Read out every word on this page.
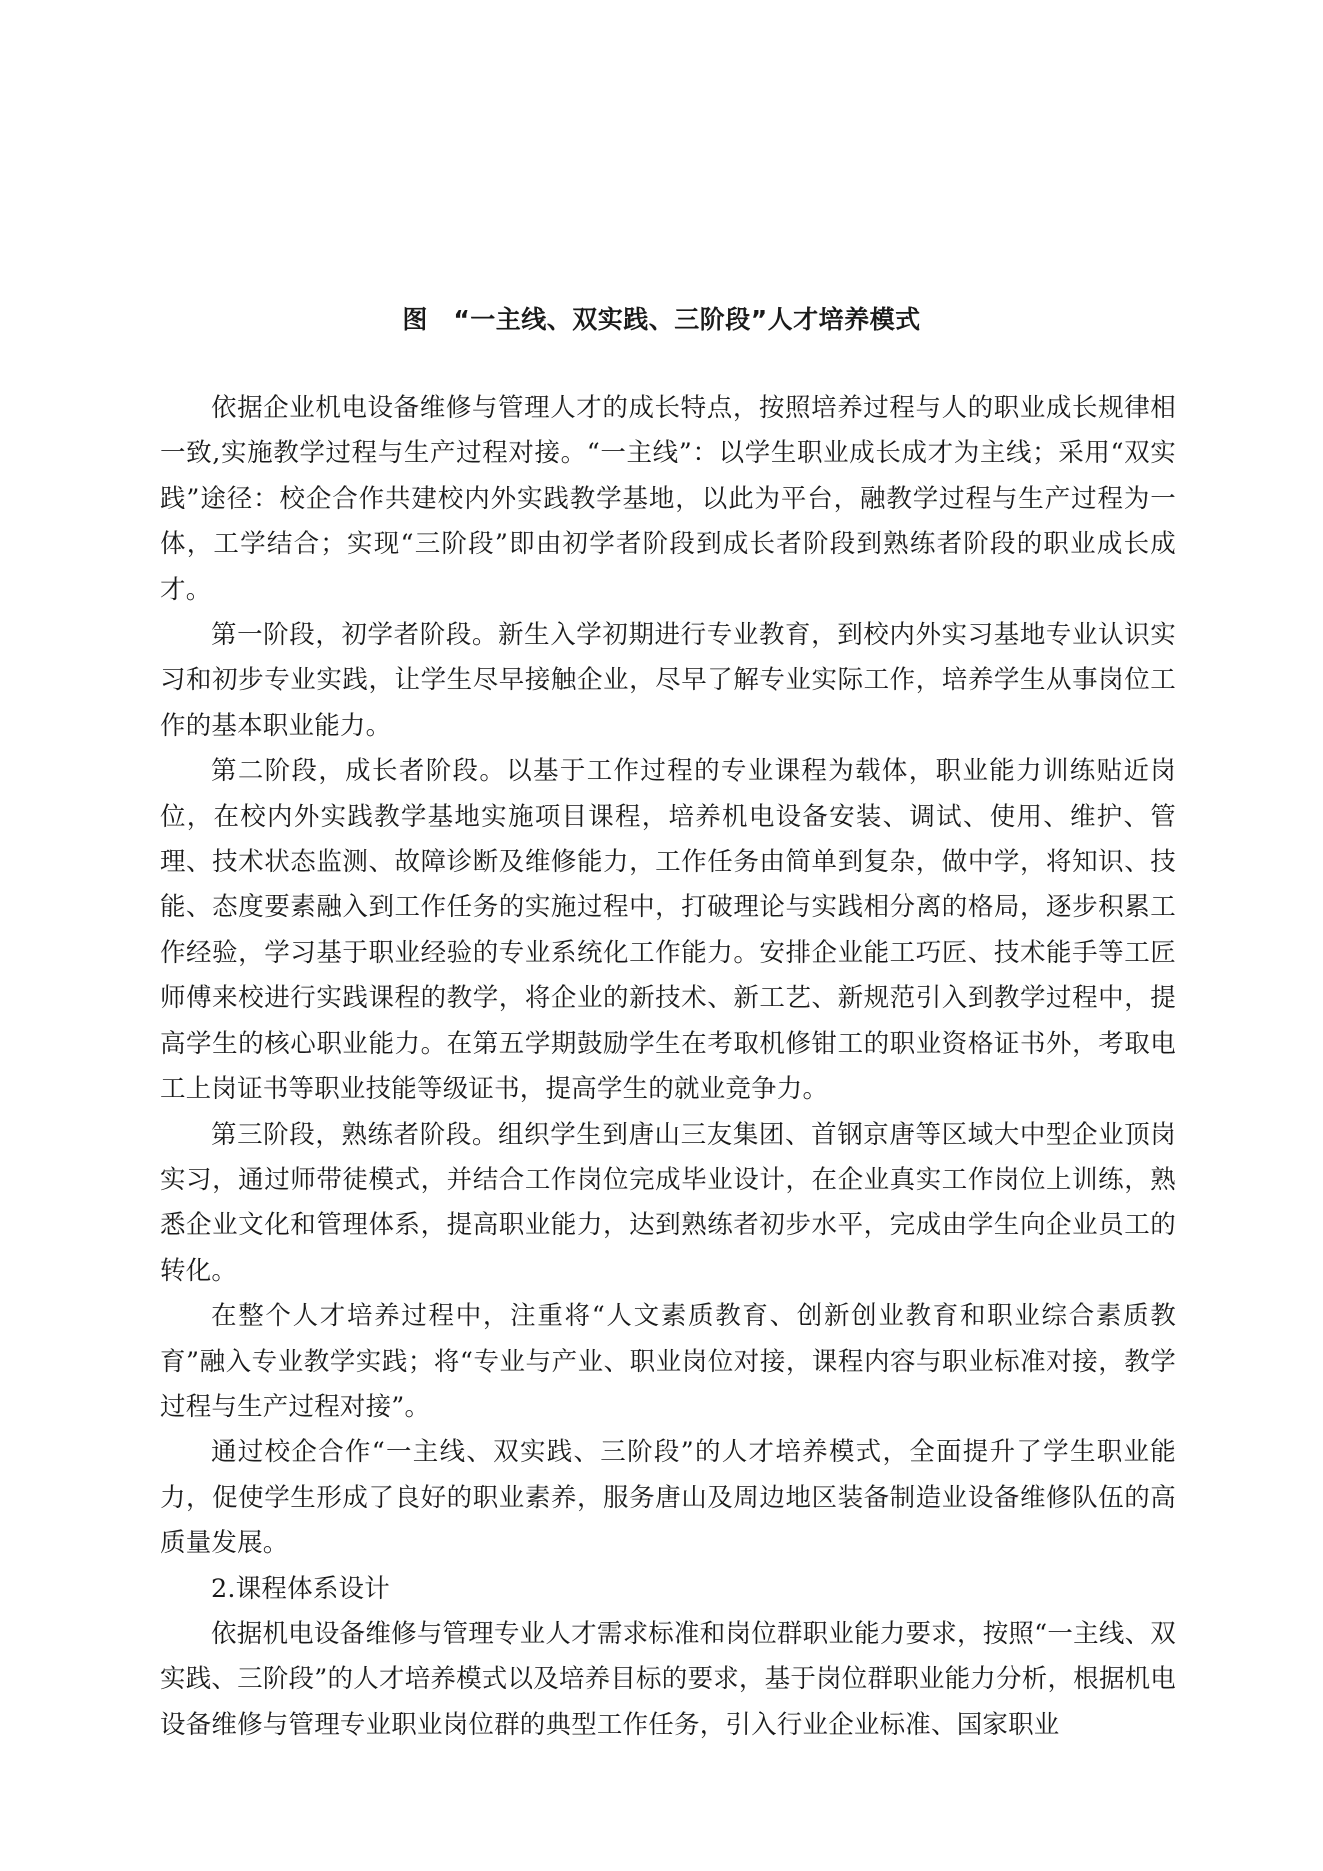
图　“一主线、双实践、三阶段”人才培养模式

依据企业机电设备维修与管理人才的成长特点，按照培养过程与人的职业成长规律相一致,实施教学过程与生产过程对接。“一主线”：以学生职业成长成才为主线；采用“双实践”途径：校企合作共建校内外实践教学基地，以此为平台，融教学过程与生产过程为一体，工学结合；实现“三阶段”即由初学者阶段到成长者阶段到熟练者阶段的职业成长成才。

第一阶段，初学者阶段。新生入学初期进行专业教育，到校内外实习基地专业认识实习和初步专业实践，让学生尽早接触企业，尽早了解专业实际工作，培养学生从事岗位工作的基本职业能力。

第二阶段，成长者阶段。以基于工作过程的专业课程为载体，职业能力训练贴近岗位，在校内外实践教学基地实施项目课程，培养机电设备安装、调试、使用、维护、管理、技术状态监测、故障诊断及维修能力，工作任务由简单到复杂，做中学，将知识、技能、态度要素融入到工作任务的实施过程中，打破理论与实践相分离的格局，逐步积累工作经验，学习基于职业经验的专业系统化工作能力。安排企业能工巧匠、技术能手等工匠师傅来校进行实践课程的教学，将企业的新技术、新工艺、新规范引入到教学过程中，提高学生的核心职业能力。在第五学期鼓励学生在考取机修钳工的职业资格证书外，考取电工上岗证书等职业技能等级证书，提高学生的就业竞争力。

第三阶段，熟练者阶段。组织学生到唐山三友集团、首钢京唐等区域大中型企业顶岗实习，通过师带徒模式，并结合工作岗位完成毕业设计，在企业真实工作岗位上训练，熟悉企业文化和管理体系，提高职业能力，达到熟练者初步水平，完成由学生向企业员工的转化。

在整个人才培养过程中，注重将“人文素质教育、创新创业教育和职业综合素质教育”融入专业教学实践；将“专业与产业、职业岗位对接，课程内容与职业标准对接，教学过程与生产过程对接”。

通过校企合作“一主线、双实践、三阶段”的人才培养模式，全面提升了学生职业能力，促使学生形成了良好的职业素养，服务唐山及周边地区装备制造业设备维修队伍的高质量发展。

2.课程体系设计

依据机电设备维修与管理专业人才需求标准和岗位群职业能力要求，按照“一主线、双实践、三阶段”的人才培养模式以及培养目标的要求，基于岗位群职业能力分析，根据机电设备维修与管理专业职业岗位群的典型工作任务，引入行业企业标准、国家职业
